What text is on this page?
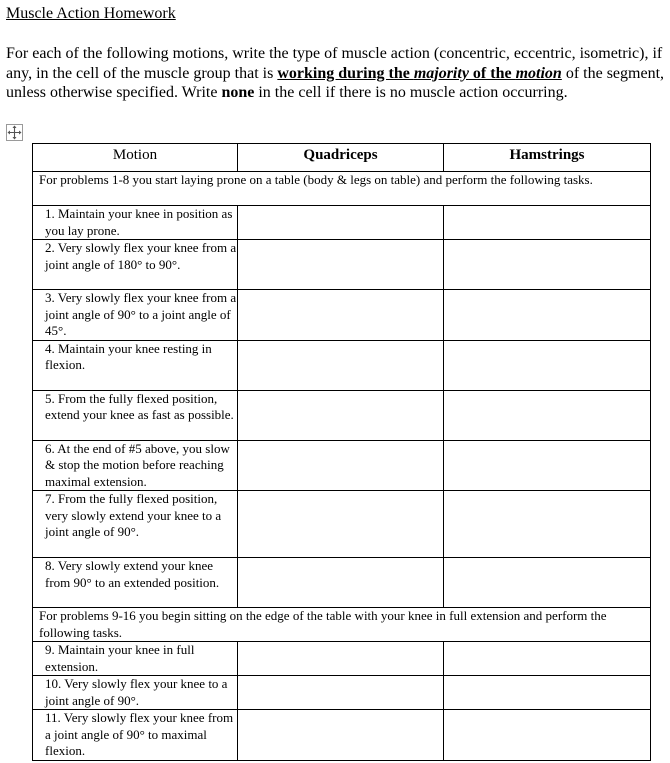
Muscle Action Homework
For each of the following motions, write the type of muscle action (concentric, eccentric, isometric), if any, in the cell of the muscle group that is working during the majority of the motion of the segment, unless otherwise specified. Write none in the cell if there is no muscle action occurring.
Motion	Quadriceps	Hamstrings
For problems 1-8 you start laying prone on a table (body & legs on table) and perform the following tasks.		
1. Maintain your knee in position as you lay prone.		
2. Very slowly flex your knee from a joint angle of 180° to 90°.		
3. Very slowly flex your knee from a joint angle of 90° to a joint angle of 45°.		
4. Maintain your knee resting in flexion.		
5. From the fully flexed position, extend your knee as fast as possible.		
6. At the end of #5 above, you slow & stop the motion before reaching maximal extension.		
7. From the fully flexed position, very slowly extend your knee to a joint angle of 90°.		
8. Very slowly extend your knee from 90° to an extended position.		
For problems 9-16 you begin sitting on the edge of the table with your knee in full extension and perform the following tasks.		
9. Maintain your knee in full extension.		
10. Very slowly flex your knee to a joint angle of 90°.		
11. Very slowly flex your knee from a joint angle of 90° to maximal flexion.		
